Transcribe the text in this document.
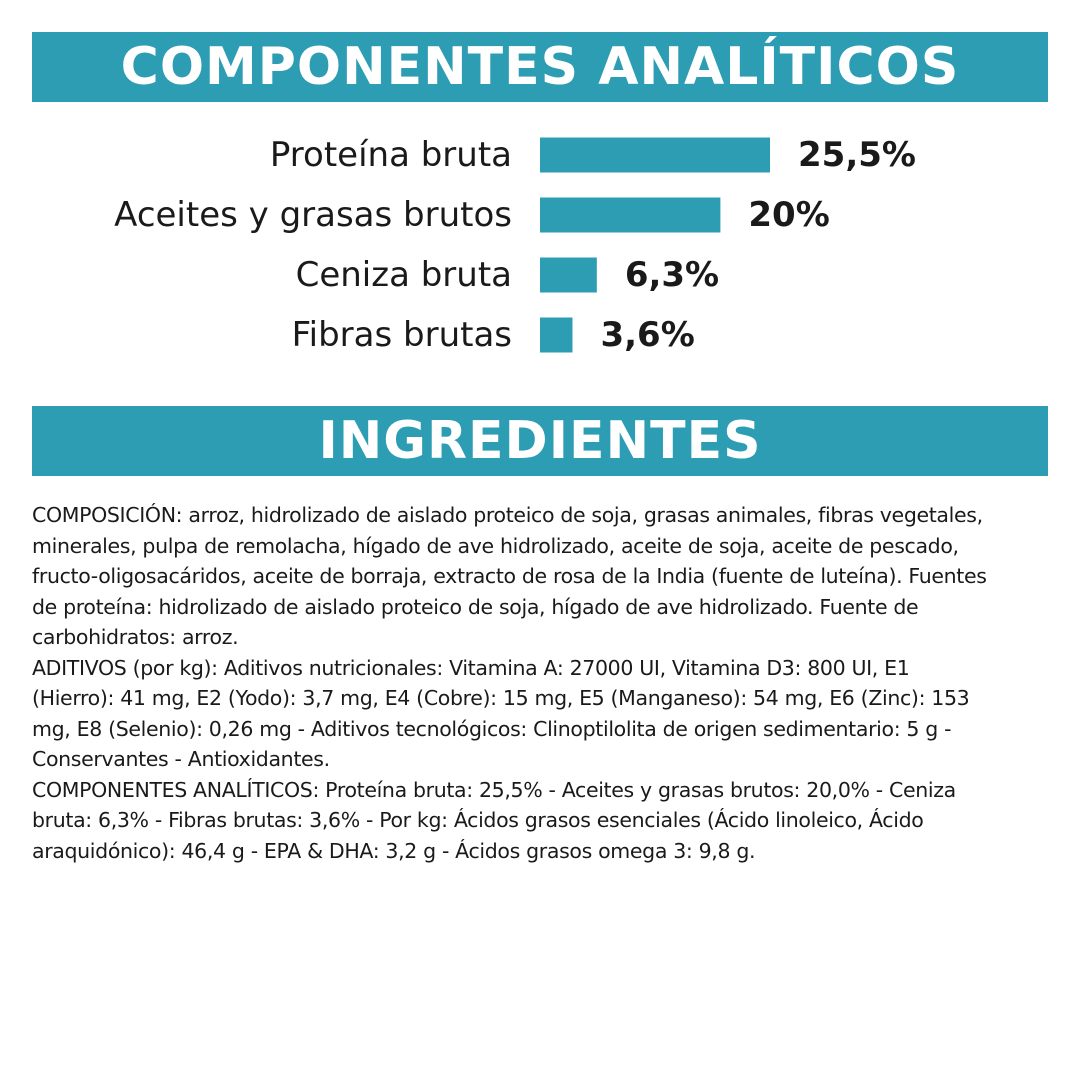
COMPONENTES ANALÍTICOS
Proteína bruta	25,5%
Aceites y grasas brutos	20%
Ceniza bruta	6,3%
Fibras brutas	3,6%
INGREDIENTES

COMPOSICIÓN: arroz, hidrolizado de aislado proteico de soja, grasas animales, fibras vegetales,
minerales, pulpa de remolacha, hígado de ave hidrolizado, aceite de soja, aceite de pescado,
fructo-oligosacáridos, aceite de borraja, extracto de rosa de la India (fuente de luteína). Fuentes
de proteína: hidrolizado de aislado proteico de soja, hígado de ave hidrolizado. Fuente de
carbohidratos: arroz.
ADITIVOS (por kg): Aditivos nutricionales: Vitamina A: 27000 UI, Vitamina D3: 800 UI, E1
(Hierro): 41 mg, E2 (Yodo): 3,7 mg, E4 (Cobre): 15 mg, E5 (Manganeso): 54 mg, E6 (Zinc): 153
mg, E8 (Selenio): 0,26 mg - Aditivos tecnológicos: Clinoptilolita de origen sedimentario: 5 g -
Conservantes - Antioxidantes.
COMPONENTES ANALÍTICOS: Proteína bruta: 25,5% - Aceites y grasas brutos: 20,0% - Ceniza
bruta: 6,3% - Fibras brutas: 3,6% - Por kg: Ácidos grasos esenciales (Ácido linoleico, Ácido
araquidónico): 46,4 g - EPA & DHA: 3,2 g - Ácidos grasos omega 3: 9,8 g.
